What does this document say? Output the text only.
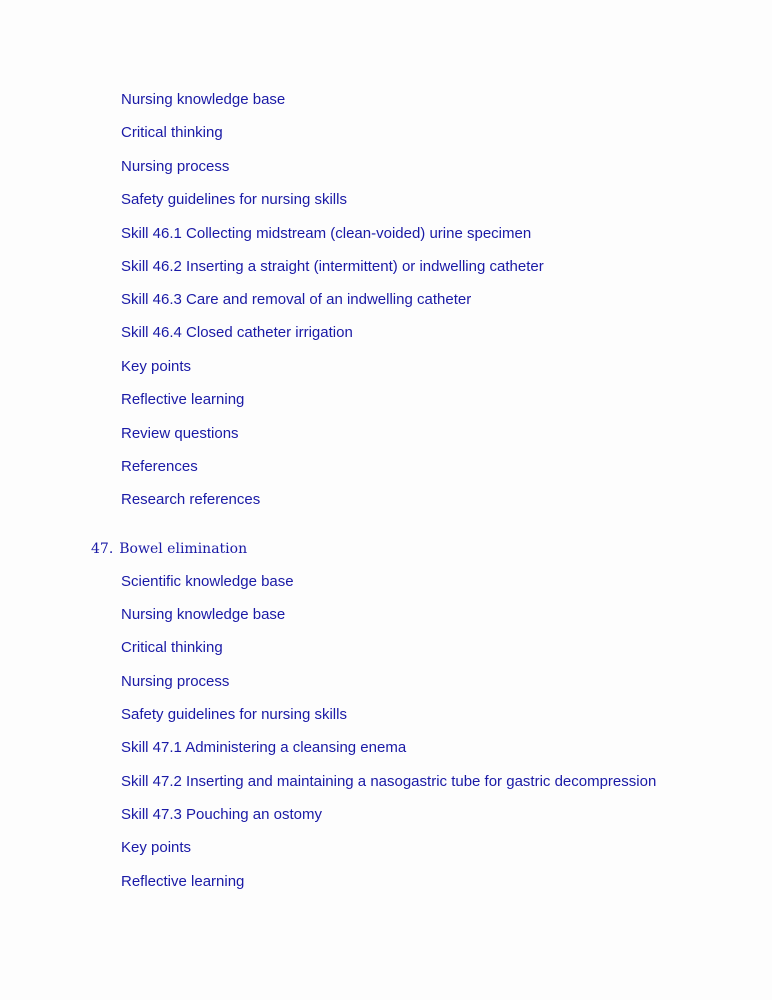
Nursing knowledge base
Critical thinking
Nursing process
Safety guidelines for nursing skills
Skill 46.1 Collecting midstream (clean-voided) urine specimen
Skill 46.2 Inserting a straight (intermittent) or indwelling catheter
Skill 46.3 Care and removal of an indwelling catheter
Skill 46.4 Closed catheter irrigation
Key points
Reflective learning
Review questions
References
Research references
47. Bowel elimination
Scientific knowledge base
Nursing knowledge base
Critical thinking
Nursing process
Safety guidelines for nursing skills
Skill 47.1 Administering a cleansing enema
Skill 47.2 Inserting and maintaining a nasogastric tube for gastric decompression
Skill 47.3 Pouching an ostomy
Key points
Reflective learning
